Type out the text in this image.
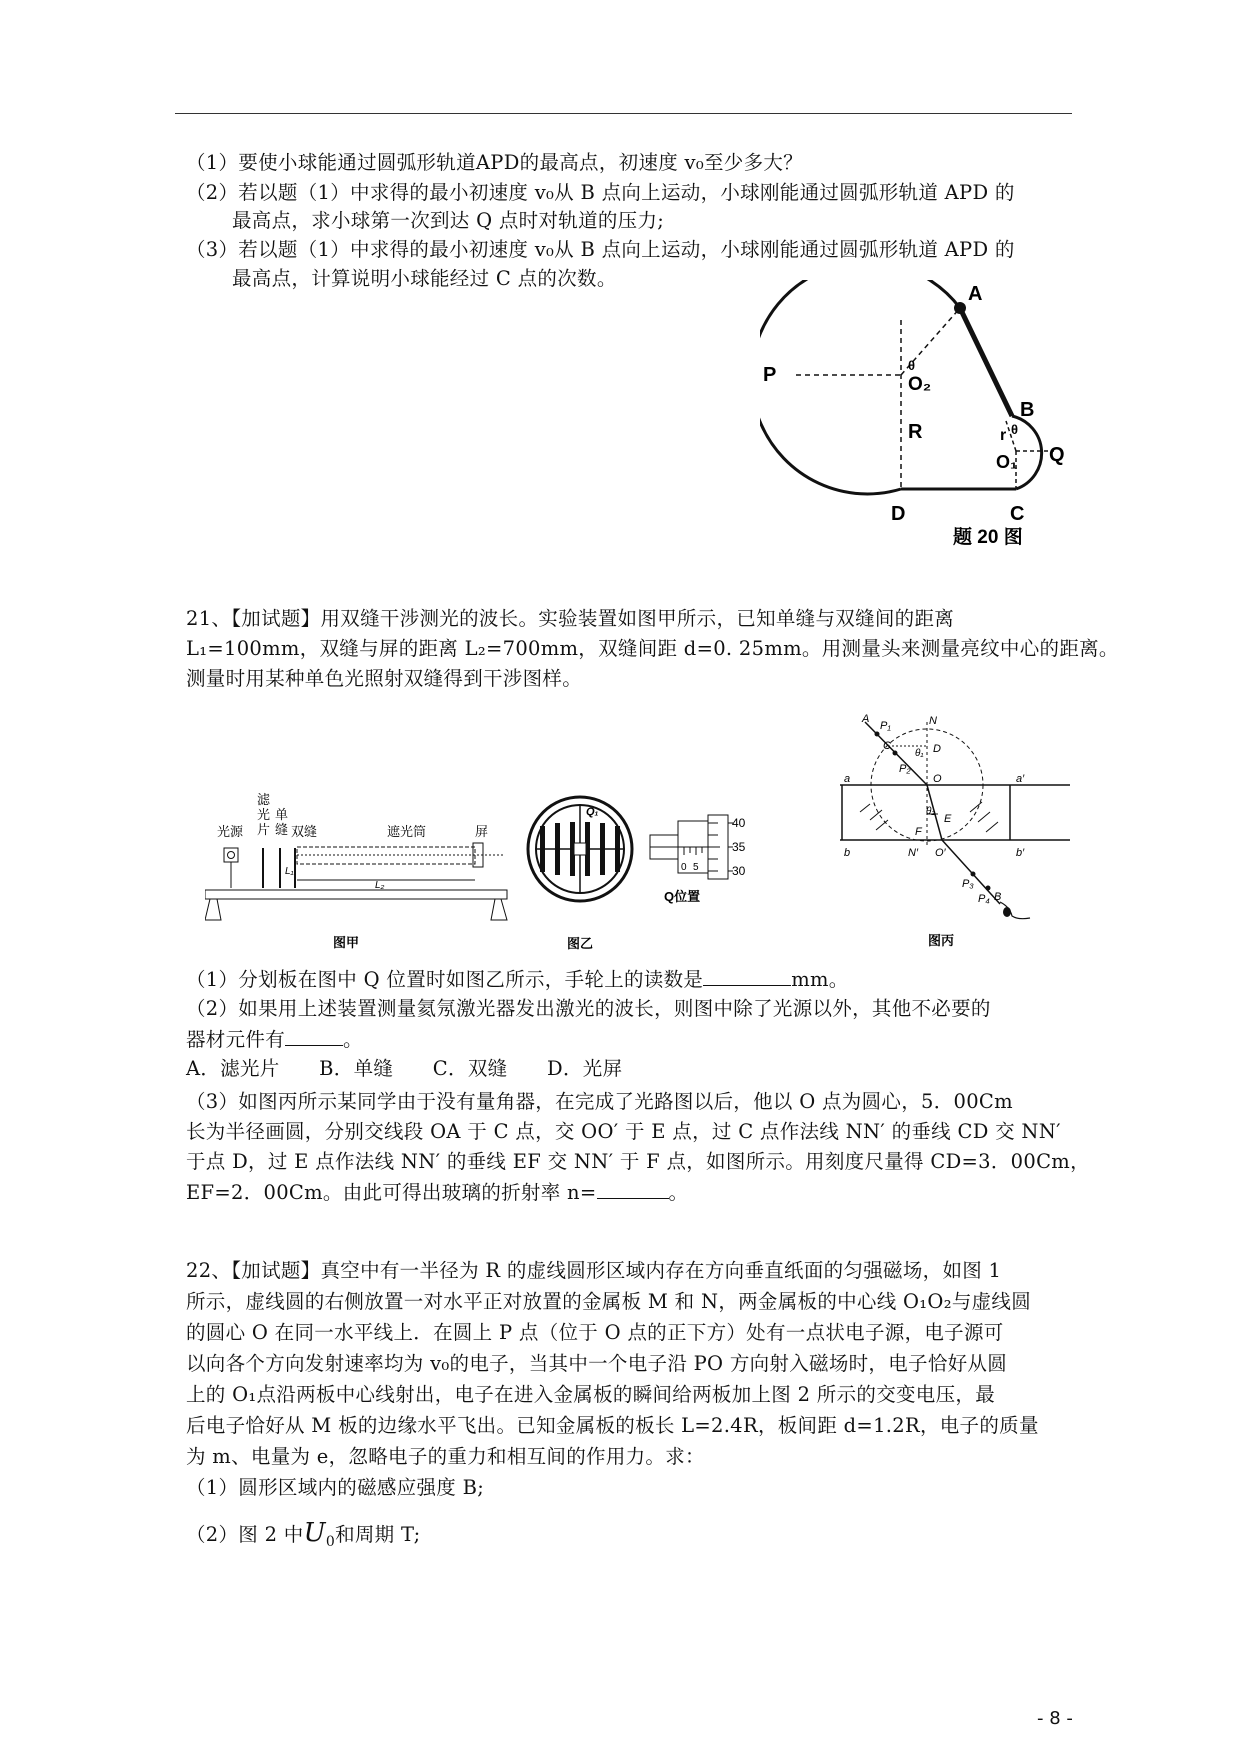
（1）要使小球能通过圆弧形轨道APD的最高点，初速度 v₀至少多大？
（2）若以题（1）中求得的最小初速度 v₀从 B 点向上运动，小球刚能通过圆弧形轨道 APD 的
最高点，求小球第一次到达 Q 点时对轨道的压力;
（3）若以题（1）中求得的最小初速度 v₀从 B 点向上运动，小球刚能通过圆弧形轨道 APD 的
最高点，计算说明小球能经过 C 点的次数。
A
P	θ
O₂
R
D	C
B
Q
O₁
r θ
题 20 图
21、【加试题】用双缝干涉测光的波长。实验装置如图甲所示，已知单缝与双缝间的距离
L₁=100mm，双缝与屏的距离 L₂=700mm，双缝间距 d=0. 25mm。用测量头来测量亮纹中心的距离。
测量时用某种单色光照射双缝得到干涉图样。
光源
滤
光
片
单
缝 双缝	遮光筒	屏
L₁
L₂
图甲
Q₁
0 5
40
35
30
Q位置
图乙
A
P₁	N
D
C
θ₁
P₂
O
a	a′
θ₂
F
E
b	b′
N′ O′
P₃
P₄ B
图丙
（1）分划板在图中 Q 位置时如图乙所示，手轮上的读数是	mm。
（2）如果用上述装置测量氦氖激光器发出激光的波长，则图中除了光源以外，其他不必要的
器材元件有	。
A．滤光片　　B．单缝　　C．双缝　　D．光屏
（3）如图丙所示某同学由于没有量角器，在完成了光路图以后，他以 O 点为圆心，5．00Cm
长为半径画圆，分别交线段 OA 于 C 点，交 OO′ 于 E 点，过 C 点作法线 NN′ 的垂线 CD 交 NN′
于点 D，过 E 点作法线 NN′ 的垂线 EF 交 NN′ 于 F 点，如图所示。用刻度尺量得 CD=3．00Cm，
EF=2．00Cm。由此可得出玻璃的折射率 n=	。
22、【加试题】真空中有一半径为 R 的虚线圆形区域内存在方向垂直纸面的匀强磁场，如图 1
所示，虚线圆的右侧放置一对水平正对放置的金属板 M 和 N，两金属板的中心线 O₁O₂与虚线圆
的圆心 O 在同一水平线上．在圆上 P 点（位于 O 点的正下方）处有一点状电子源，电子源可
以向各个方向发射速率均为 v₀的电子，当其中一个电子沿 PO 方向射入磁场时，电子恰好从圆
上的 O₁点沿两板中心线射出，电子在进入金属板的瞬间给两板加上图 2 所示的交变电压，最
后电子恰好从 M 板的边缘水平飞出。已知金属板的板长 L=2.4R，板间距 d=1.2R，电子的质量
为 m、电量为 e，忽略电子的重力和相互间的作用力。求：
（1）圆形区域内的磁感应强度 B;
（2）图 2 中$U_0$和周期 T;
- 8 -
